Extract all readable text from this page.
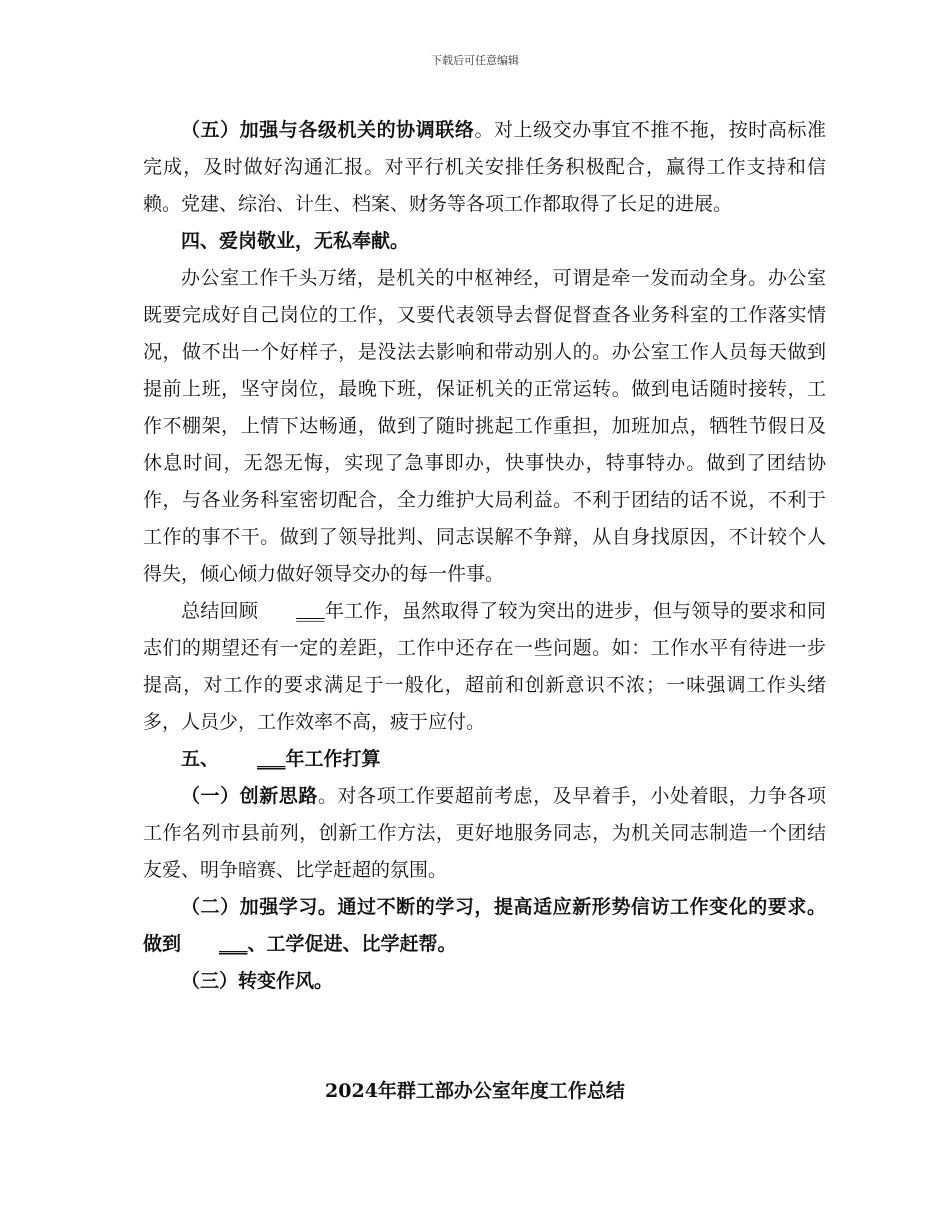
下载后可任意编辑

（五）加强与各级机关的协调联络。对上级交办事宜不推不拖，按时高标准完成，及时做好沟通汇报。对平行机关安排任务积极配合，赢得工作支持和信赖。党建、综治、计生、档案、财务等各项工作都取得了长足的进展。

四、爱岗敬业，无私奉献。

办公室工作千头万绪，是机关的中枢神经，可谓是牵一发而动全身。办公室既要完成好自己岗位的工作，又要代表领导去督促督查各业务科室的工作落实情况，做不出一个好样子，是没法去影响和带动别人的。办公室工作人员每天做到提前上班，坚守岗位，最晚下班，保证机关的正常运转。做到电话随时接转，工作不棚架，上情下达畅通，做到了随时挑起工作重担，加班加点，牺牲节假日及休息时间，无怨无悔，实现了急事即办，快事快办，特事特办。做到了团结协作，与各业务科室密切配合，全力维护大局利益。不利于团结的话不说，不利于工作的事不干。做到了领导批判、同志误解不争辩，从自身找原因，不计较个人得失，倾心倾力做好领导交办的每一件事。

总结回顾 ___年工作，虽然取得了较为突出的进步，但与领导的要求和同志们的期望还有一定的差距，工作中还存在一些问题。如：工作水平有待进一步提高，对工作的要求满足于一般化，超前和创新意识不浓；一味强调工作头绪多，人员少，工作效率不高，疲于应付。

五、 ___年工作打算

（一）创新思路。对各项工作要超前考虑，及早着手，小处着眼，力争各项工作名列市县前列，创新工作方法，更好地服务同志，为机关同志制造一个团结友爱、明争暗赛、比学赶超的氛围。

（二）加强学习。通过不断的学习，提高适应新形势信访工作变化的要求。做到 ___、工学促进、比学赶帮。

（三）转变作风。

2024年群工部办公室年度工作总结
